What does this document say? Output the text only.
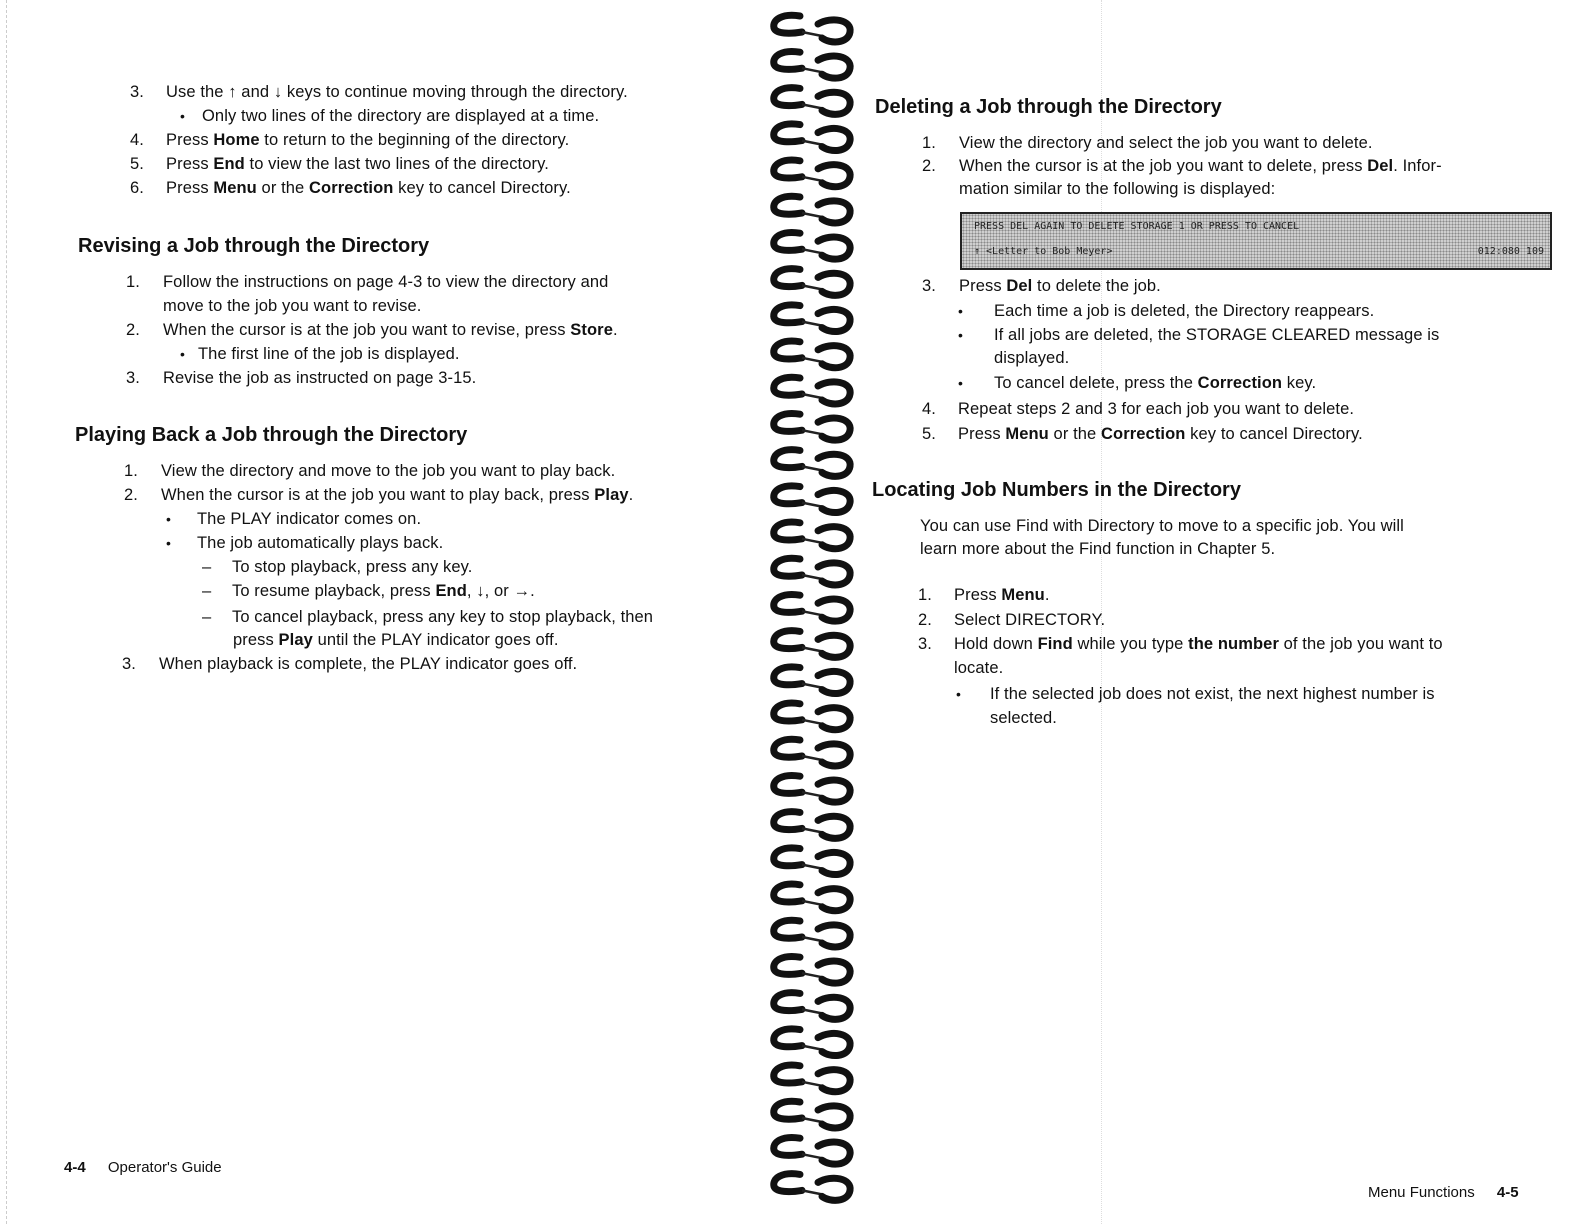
3.	Use the ↑ and ↓ keys to continue moving through the directory.
• Only two lines of the directory are displayed at a time.
4.	Press Home to return to the beginning of the directory.
5.	Press End to view the last two lines of the directory.
6.	Press Menu or the Correction key to cancel Directory.
Revising a Job through the Directory
1.	Follow the instructions on page 4-3 to view the directory and
move to the job you want to revise.
2.	When the cursor is at the job you want to revise, press Store.
• The first line of the job is displayed.
3.	Revise the job as instructed on page 3-15.
Playing Back a Job through the Directory
1.	View the directory and move to the job you want to play back.
2.	When the cursor is at the job you want to play back, press Play.
• The PLAY indicator comes on.
• The job automatically plays back.
– To stop playback, press any key.
– To resume playback, press End, ↓, or →.
– To cancel playback, press any key to stop playback, then
press Play until the PLAY indicator goes off.
3.	When playback is complete, the PLAY indicator goes off.
4-4 Operator's Guide
Deleting a Job through the Directory
1.	View the directory and select the job you want to delete.
2.	When the cursor is at the job you want to delete, press Del. Infor-
mation similar to the following is displayed:
PRESS DEL AGAIN TO DELETE STORAGE 1 OR PRESS TO CANCEL
↑ <Letter to Bob Meyer>	012:080 109
3.	Press Del to delete the job.
• Each time a job is deleted, the Directory reappears.
• If all jobs are deleted, the STORAGE CLEARED message is
displayed.
• To cancel delete, press the Correction key.
4.	Repeat steps 2 and 3 for each job you want to delete.
5.	Press Menu or the Correction key to cancel Directory.
Locating Job Numbers in the Directory
You can use Find with Directory to move to a specific job. You will
learn more about the Find function in Chapter 5.
1.	Press Menu.
2.	Select DIRECTORY.
3.	Hold down Find while you type the number of the job you want to
locate.
• If the selected job does not exist, the next highest number is
selected.
Menu Functions 4-5
